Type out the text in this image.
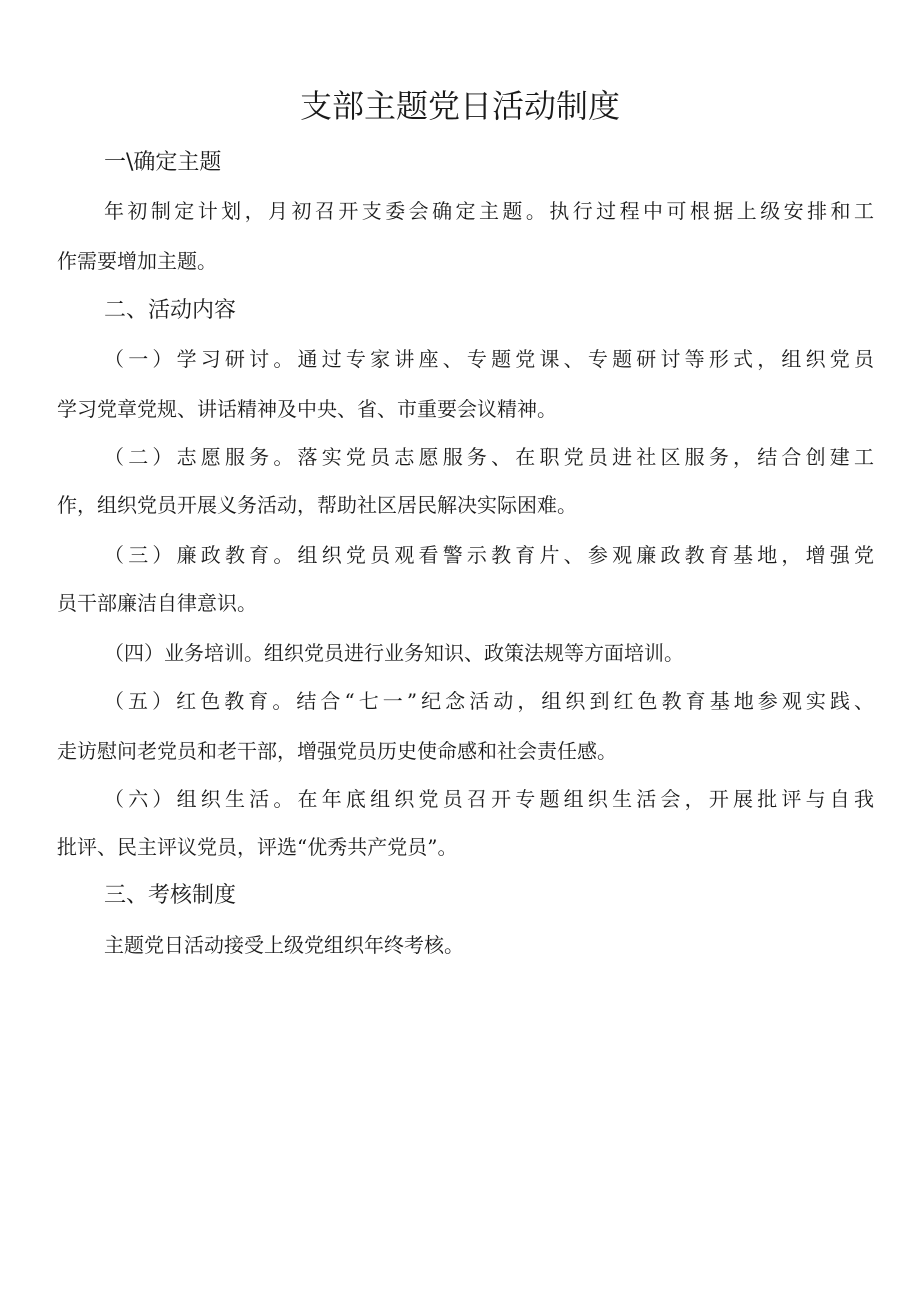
支部主题党日活动制度
一\确定主题
年初制定计划，月初召开支委会确定主题。执行过程中可根据上级安排和工
作需要增加主题。
二、活动内容
（一）学习研讨。通过专家讲座、专题党课、专题研讨等形式，组织党员
学习党章党规、讲话精神及中央、省、市重要会议精神。
（二）志愿服务。落实党员志愿服务、在职党员进社区服务，结合创建工
作，组织党员开展义务活动，帮助社区居民解决实际困难。
（三）廉政教育。组织党员观看警示教育片、参观廉政教育基地，增强党
员干部廉洁自律意识。
（四）业务培训。组织党员进行业务知识、政策法规等方面培训。
（五）红色教育。结合“七一”纪念活动，组织到红色教育基地参观实践、
走访慰问老党员和老干部，增强党员历史使命感和社会责任感。
（六）组织生活。在年底组织党员召开专题组织生活会，开展批评与自我
批评、民主评议党员，评选“优秀共产党员”。
三、考核制度
主题党日活动接受上级党组织年终考核。
